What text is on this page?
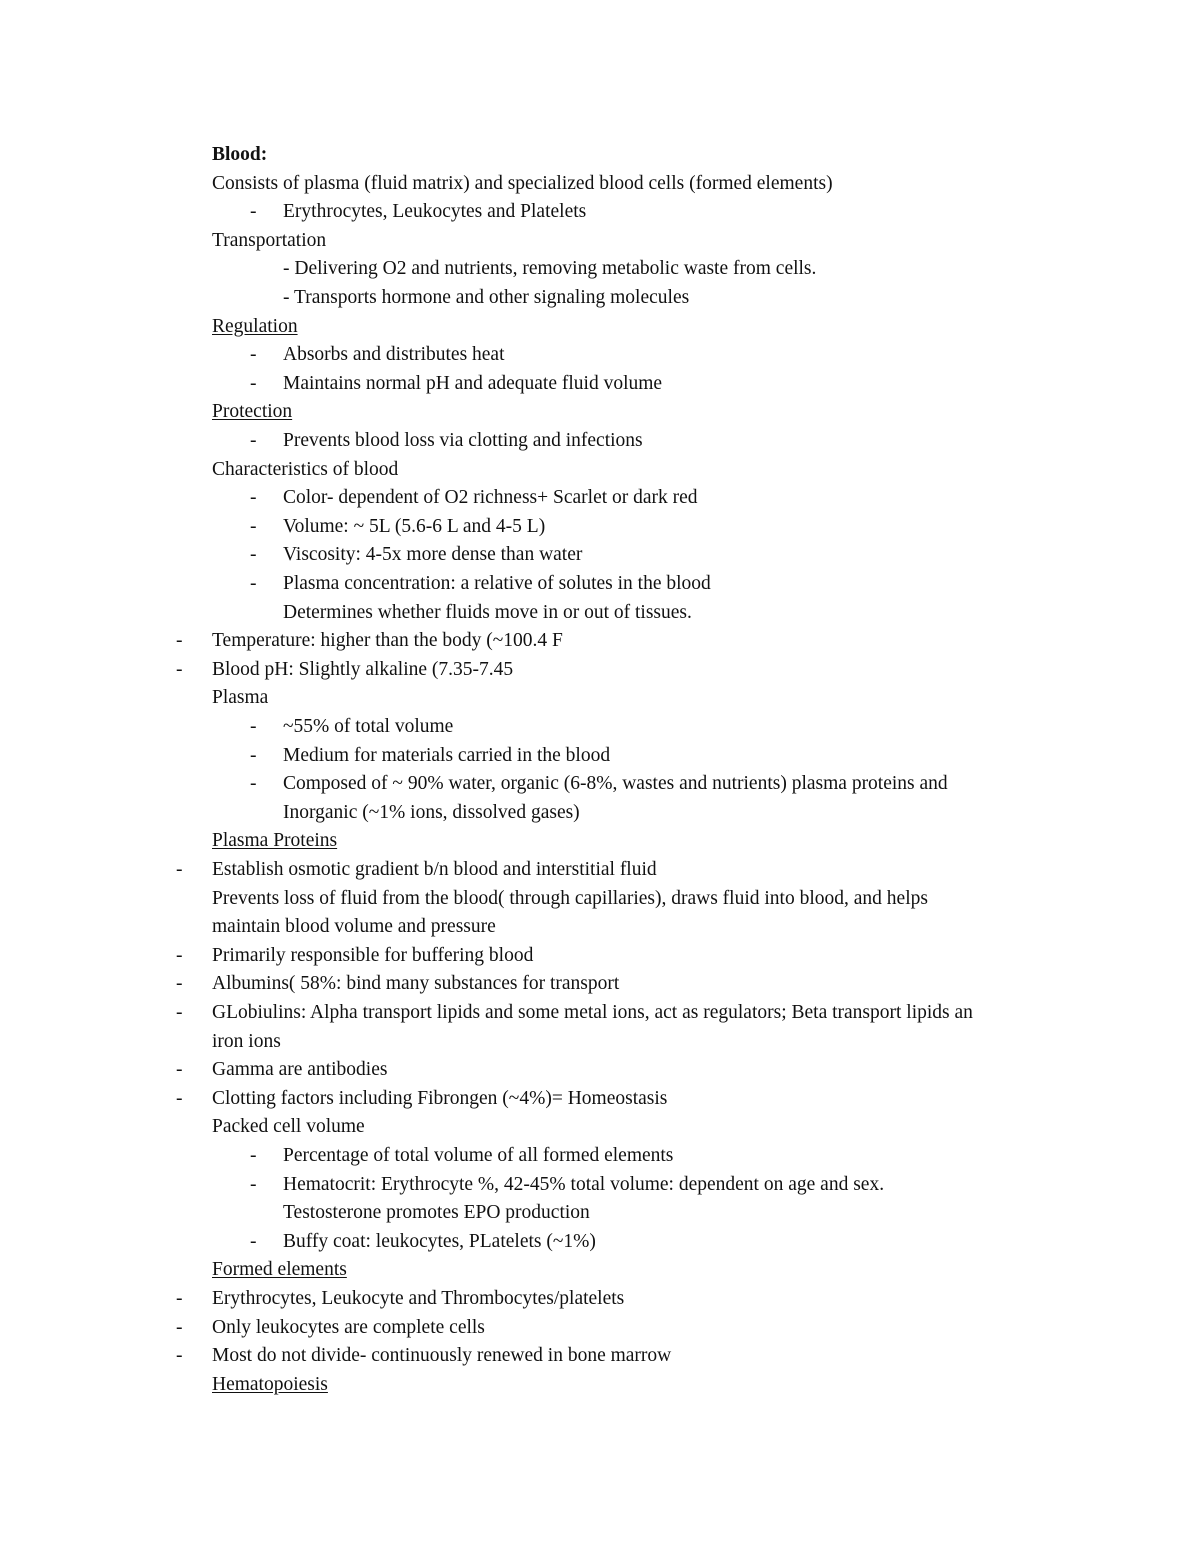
Blood:
Consists of plasma (fluid matrix) and specialized blood cells (formed elements)
- Erythrocytes, Leukocytes and Platelets
Transportation
- Delivering O2 and nutrients, removing metabolic waste from cells.
- Transports hormone and other signaling molecules
Regulation
- Absorbs and distributes heat
- Maintains normal pH and adequate fluid volume
Protection
- Prevents blood loss via clotting and infections
Characteristics of blood
- Color- dependent of O2 richness+ Scarlet or dark red
- Volume: ~ 5L (5.6-6 L and 4-5 L)
- Viscosity: 4-5x more dense than water
- Plasma concentration: a relative of solutes in the blood
Determines whether fluids move in or out of tissues.
- Temperature: higher than the body (~100.4 F
- Blood pH: Slightly alkaline (7.35-7.45
Plasma
- ~55% of total volume
- Medium for materials carried in the blood
- Composed of ~ 90% water, organic (6-8%, wastes and nutrients) plasma proteins and
Inorganic (~1% ions, dissolved gases)
Plasma Proteins
- Establish osmotic gradient b/n blood and interstitial fluid
Prevents loss of fluid from the blood( through capillaries), draws fluid into blood, and helps
maintain blood volume and pressure
- Primarily responsible for buffering blood
- Albumins( 58%: bind many substances for transport
- GLobiulins: Alpha transport lipids and some metal ions, act as regulators; Beta transport lipids an
iron ions
- Gamma are antibodies
- Clotting factors including Fibrongen (~4%)= Homeostasis
Packed cell volume
- Percentage of total volume of all formed elements
- Hematocrit: Erythrocyte %, 42-45% total volume: dependent on age and sex.
Testosterone promotes EPO production
- Buffy coat: leukocytes, PLatelets (~1%)
Formed elements
- Erythrocytes, Leukocyte and Thrombocytes/platelets
- Only leukocytes are complete cells
- Most do not divide- continuously renewed in bone marrow
Hematopoiesis
